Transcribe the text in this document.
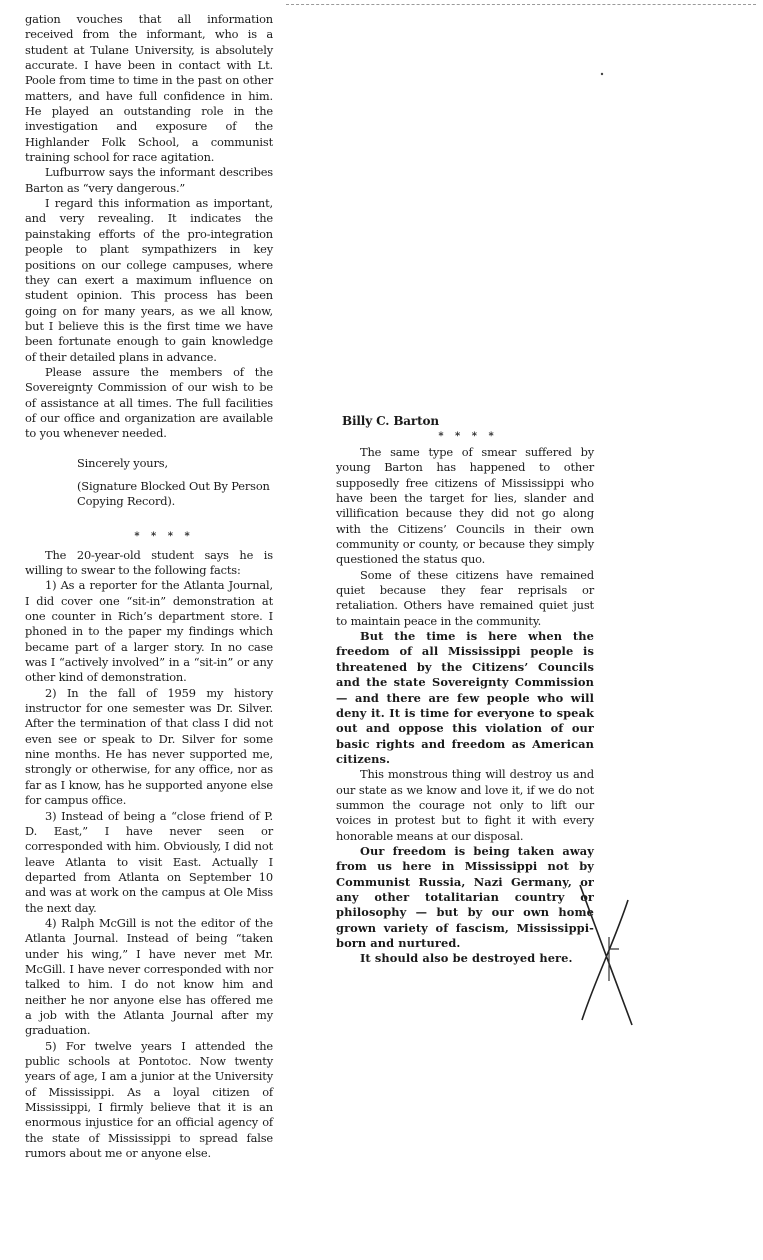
gation vouches that all information received from the informant, who is a student at Tulane University, is absolutely accurate. I have been in contact with Lt. Poole from time to time in the past on other matters, and have full confidence in him. He played an outstanding role in the investigation and exposure of the Highlander Folk School, a communist training school for race agitation.

Lufburrow says the informant describes Barton as “very dangerous.”

I regard this information as important, and very revealing. It indicates the painstaking efforts of the pro-integration people to plant sympathizers in key positions on our college campuses, where they can exert a maximum influence on student opinion. This process has been going on for many years, as we all know, but I believe this is the first time we have been fortunate enough to gain knowledge of their detailed plans in advance.

Please assure the members of the Sovereignty Commission of our wish to be of assistance at all times. The full facilities of our office and organization are available to you whenever needed.

Sincerely yours,

(Signature Blocked Out By Person Copying Record).

* * * *

The 20-year-old student says he is willing to swear to the following facts:

1) As a reporter for the Atlanta Journal, I did cover one “sit-in” demonstration at one counter in Rich’s department store. I phoned in to the paper my findings which became part of a larger story. In no case was I “actively involved” in a “sit-in” or any other kind of demonstration.

2) In the fall of 1959 my history instructor for one semester was Dr. Silver. After the termination of that class I did not even see or speak to Dr. Silver for some nine months. He has never supported me, strongly or otherwise, for any office, nor as far as I know, has he supported anyone else for campus office.

3) Instead of being a “close friend of P. D. East,” I have never seen or corresponded with him. Obviously, I did not leave Atlanta to visit East. Actually I departed from Atlanta on September 10 and was at work on the campus at Ole Miss the next day.

4) Ralph McGill is not the editor of the Atlanta Journal. Instead of being “taken under his wing,” I have never met Mr. McGill. I have never corresponded with nor talked to him. I do not know him and neither he nor anyone else has offered me a job with the Atlanta Journal after my graduation.

5) For twelve years I attended the public schools at Pontotoc. Now twenty years of age, I am a junior at the University of Mississippi. As a loyal citizen of Mississippi, I firmly believe that it is an enormous injustice for an official agency of the state of Mississippi to spread false rumors about me or anyone else.

Billy C. Barton

* * * *

The same type of smear suffered by young Barton has happened to other supposedly free citizens of Mississippi who have been the target for lies, slander and villification because they did not go along with the Citizens’ Councils in their own community or county, or because they simply questioned the status quo.

Some of these citizens have remained quiet because they fear reprisals or retaliation. Others have remained quiet just to maintain peace in the community.

But the time is here when the freedom of all Mississippi people is threatened by the Citizens’ Councils and the state Sovereignty Commission — and there are few people who will deny it. It is time for everyone to speak out and oppose this violation of our basic rights and freedom as American citizens.

This monstrous thing will destroy us and our state as we know and love it, if we do not summon the courage not only to lift our voices in protest but to fight it with every honorable means at our disposal.

Our freedom is being taken away from us here in Mississippi not by Communist Russia, Nazi Germany, or any other totalitarian country or philosophy — but by our own home grown variety of fascism, Mississippi-born and nurtured.

It should also be destroyed here.
